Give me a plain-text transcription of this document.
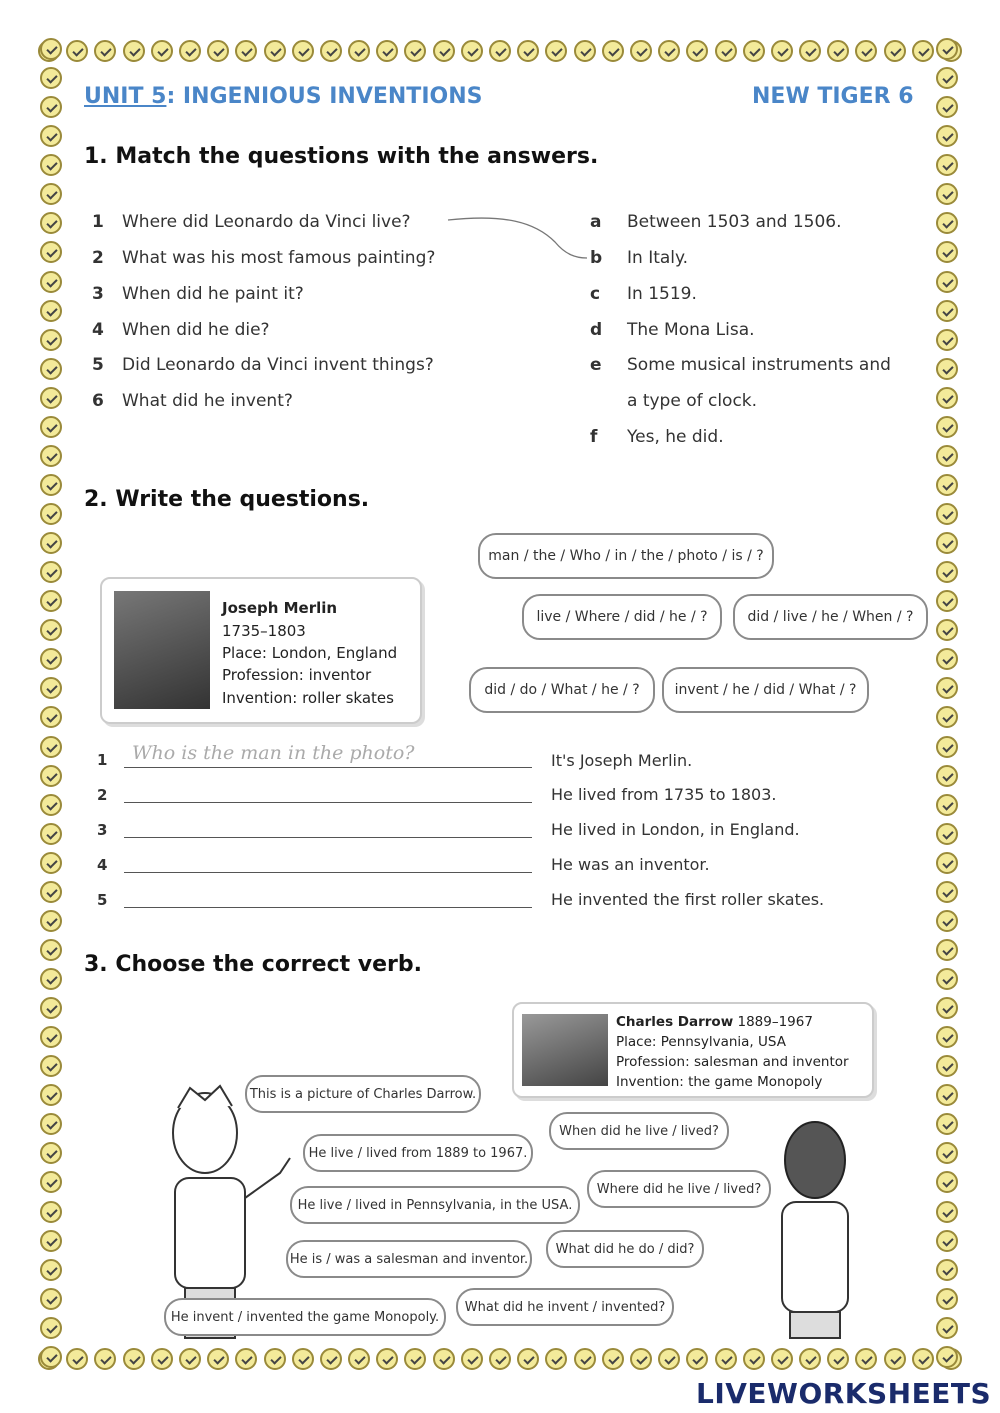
UNIT 5: INGENIOUS INVENTIONS	NEW TIGER 6
1. Match the questions with the answers.
1 Where did Leonardo da Vinci live?
2 What was his most famous painting?
3 When did he paint it?
4 When did he die?
5 Did Leonardo da Vinci invent things?
6 What did he invent?
a Between 1503 and 1506.
b In Italy.
c In 1519.
d The Mona Lisa.
e Some musical instruments and
a type of clock.
f Yes, he did.
2. Write the questions.
Joseph Merlin
1735–1803
Place: London, England
Profession: inventor
Invention: roller skates
man / the / Who / in / the / photo / is / ?
live / Where / did / he / ?	did / live / he / When / ?
did / do / What / he / ?	invent / he / did / What / ?
1 Who is the man in the photo?	It's Joseph Merlin.
2	He lived from 1735 to 1803.
3	He lived in London, in England.
4	He was an inventor.
5	He invented the first roller skates.
3. Choose the correct verb.
Charles Darrow 1889–1967
Place: Pennsylvania, USA
Profession: salesman and inventor
Invention: the game Monopoly
This is a picture of Charles Darrow.
He live / lived from 1889 to 1967.
He live / lived in Pennsylvania, in the USA.
He is / was a salesman and inventor.
He invent / invented the game Monopoly.
When did he live / lived?
Where did he live / lived?
What did he do / did?
What did he invent / invented?
LIVEWORKSHEETS
